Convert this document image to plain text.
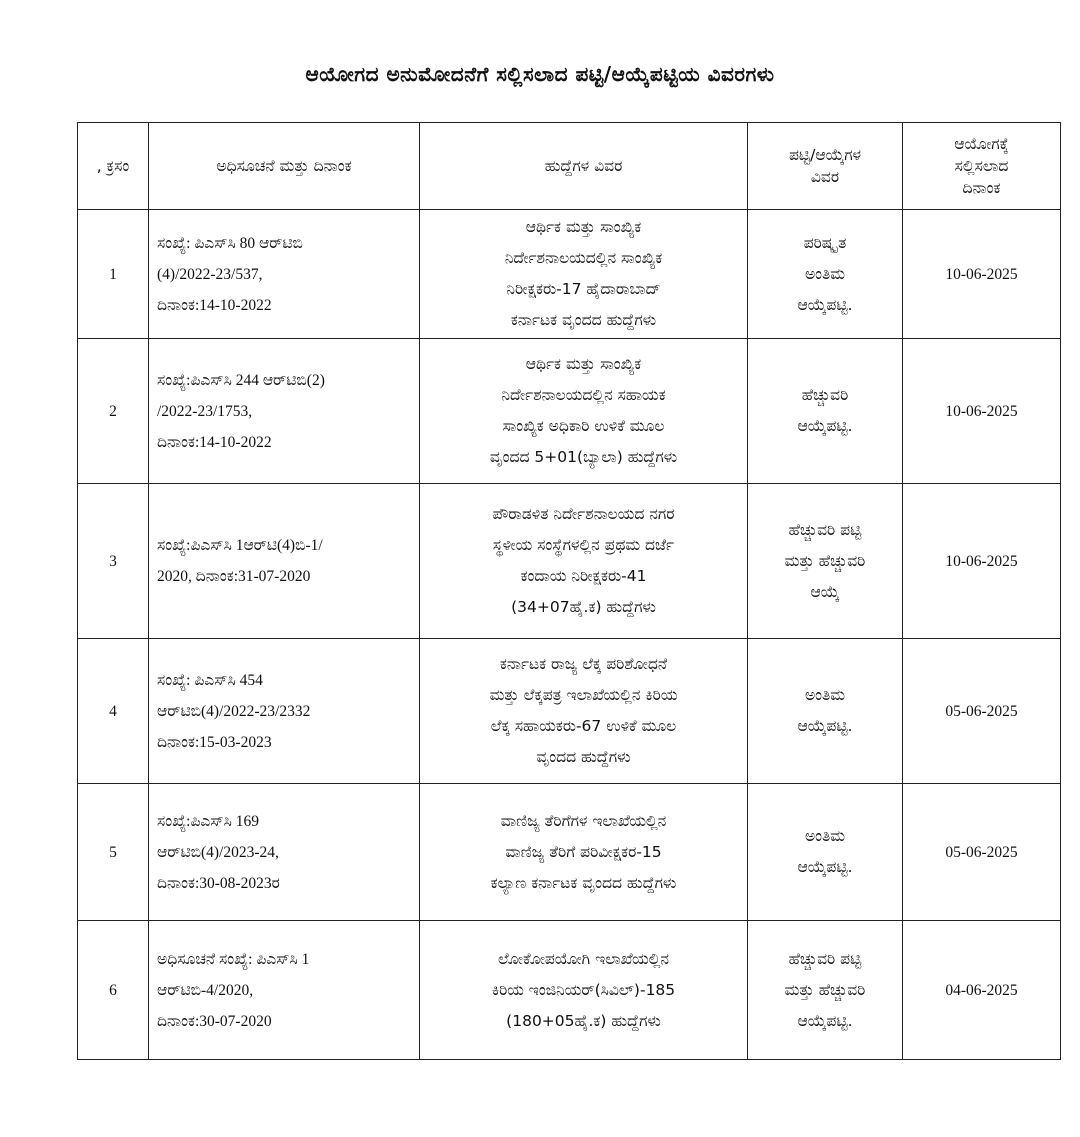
ಆಯೋಗದ ಅನುಮೋದನೆಗೆ ಸಲ್ಲಿಸಲಾದ ಪಟ್ಟಿ/ಆಯ್ಕೆಪಟ್ಟಿಯ ವಿವರಗಳು
, ಕ್ರಸಂ	ಅಧಿಸೂಚನೆ ಮತ್ತು ದಿನಾಂಕ	ಹುದ್ದೆಗಳ ವಿವರ	ಪಟ್ಟಿ/ಆಯ್ಕೆಗಳ
ವಿವರ	ಆಯೋಗಕ್ಕೆ
ಸಲ್ಲಿಸಲಾದ
ದಿನಾಂಕ

1	ಸಂಖ್ಯೆ: ಪಿಎಸ್‌ಸಿ 80 ಆರ್‌ಟಿಬಿ
(4)/2022-23/537,
ದಿನಾಂಕ:14-10-2022	ಆರ್ಥಿಕ ಮತ್ತು ಸಾಂಖ್ಯಿಕ
ನಿರ್ದೇಶನಾಲಯದಲ್ಲಿನ ಸಾಂಖ್ಯಿಕ
ನಿರೀಕ್ಷಕರು-17 ಹೈದಾರಾಬಾದ್
ಕರ್ನಾಟಕ ವೃಂದದ ಹುದ್ದೆಗಳು	ಪರಿಷ್ಕೃತ
ಅಂತಿಮ
ಆಯ್ಕೆಪಟ್ಟಿ.	10-06-2025
2	ಸಂಖ್ಯೆ:ಪಿಎಸ್‌ಸಿ 244 ಆರ್‌ಟಿಬಿ(2)
/2022-23/1753,
ದಿನಾಂಕ:14-10-2022	ಆರ್ಥಿಕ ಮತ್ತು ಸಾಂಖ್ಯಿಕ
ನಿರ್ದೇಶನಾಲಯದಲ್ಲಿನ ಸಹಾಯಕ
ಸಾಂಖ್ಯಿಕ ಅಧಿಕಾರಿ ಉಳಿಕೆ ಮೂಲ
ವೃಂದದ 5+01(ಬ್ಯಾಲಾ) ಹುದ್ದೆಗಳು	ಹೆಚ್ಚುವರಿ
ಆಯ್ಕೆಪಟ್ಟಿ.	10-06-2025
3	ಸಂಖ್ಯೆ:ಪಿಎಸ್‌ಸಿ 1ಆರ್‌ಟಿ(4)ಬಿ-1/
2020, ದಿನಾಂಕ:31-07-2020	ಪೌರಾಡಳಿತ ನಿರ್ದೇಶನಾಲಯದ ನಗರ
ಸ್ಥಳೀಯ ಸಂಸ್ಥೆಗಳಲ್ಲಿನ ಪ್ರಥಮ ದರ್ಜೆ
ಕಂದಾಯ ನಿರೀಕ್ಷಕರು-41
(34+07ಹೈ.ಕ) ಹುದ್ದೆಗಳು	ಹೆಚ್ಚುವರಿ ಪಟ್ಟಿ
ಮತ್ತು ಹೆಚ್ಚುವರಿ
ಆಯ್ಕೆ	10-06-2025
4	ಸಂಖ್ಯೆ: ಪಿಎಸ್‌ಸಿ 454
ಆರ್‌ಟಿಬಿ(4)/2022-23/2332
ದಿನಾಂಕ:15-03-2023	ಕರ್ನಾಟಕ ರಾಜ್ಯ ಲೆಕ್ಕ ಪರಿಶೋಧನೆ
ಮತ್ತು ಲೆಕ್ಕಪತ್ರ ಇಲಾಖೆಯಲ್ಲಿನ ಕಿರಿಯ
ಲೆಕ್ಕ ಸಹಾಯಕರು-67 ಉಳಿಕೆ ಮೂಲ
ವೃಂದದ ಹುದ್ದೆಗಳು	ಅಂತಿಮ
ಆಯ್ಕೆಪಟ್ಟಿ.	05-06-2025
5	ಸಂಖ್ಯೆ:ಪಿಎಸ್‌ಸಿ 169
ಆರ್‌ಟಿಬಿ(4)/2023-24,
ದಿನಾಂಕ:30-08-2023ರ	ವಾಣಿಜ್ಯ ತೆರಿಗೆಗಳ ಇಲಾಖೆಯಲ್ಲಿನ
ವಾಣಿಜ್ಯ ತೆರಿಗೆ ಪರಿವೀಕ್ಷಕರ-15
ಕಲ್ಯಾಣ ಕರ್ನಾಟಕ ವೃಂದದ ಹುದ್ದೆಗಳು	ಅಂತಿಮ
ಆಯ್ಕೆಪಟ್ಟಿ.	05-06-2025
6	ಅಧಿಸೂಚನೆ ಸಂಖ್ಯೆ: ಪಿಎಸ್‌ಸಿ 1
ಆರ್‌ಟಿಬಿ-4/2020,
ದಿನಾಂಕ:30-07-2020	ಲೋಕೋಪಯೋಗಿ ಇಲಾಖೆಯಲ್ಲಿನ
ಕಿರಿಯ ಇಂಜಿನಿಯರ್(ಸಿವಿಲ್)-185
(180+05ಹೈ.ಕ) ಹುದ್ದೆಗಳು	ಹೆಚ್ಚುವರಿ ಪಟ್ಟಿ
ಮತ್ತು ಹೆಚ್ಚುವರಿ
ಆಯ್ಕೆಪಟ್ಟಿ.	04-06-2025
